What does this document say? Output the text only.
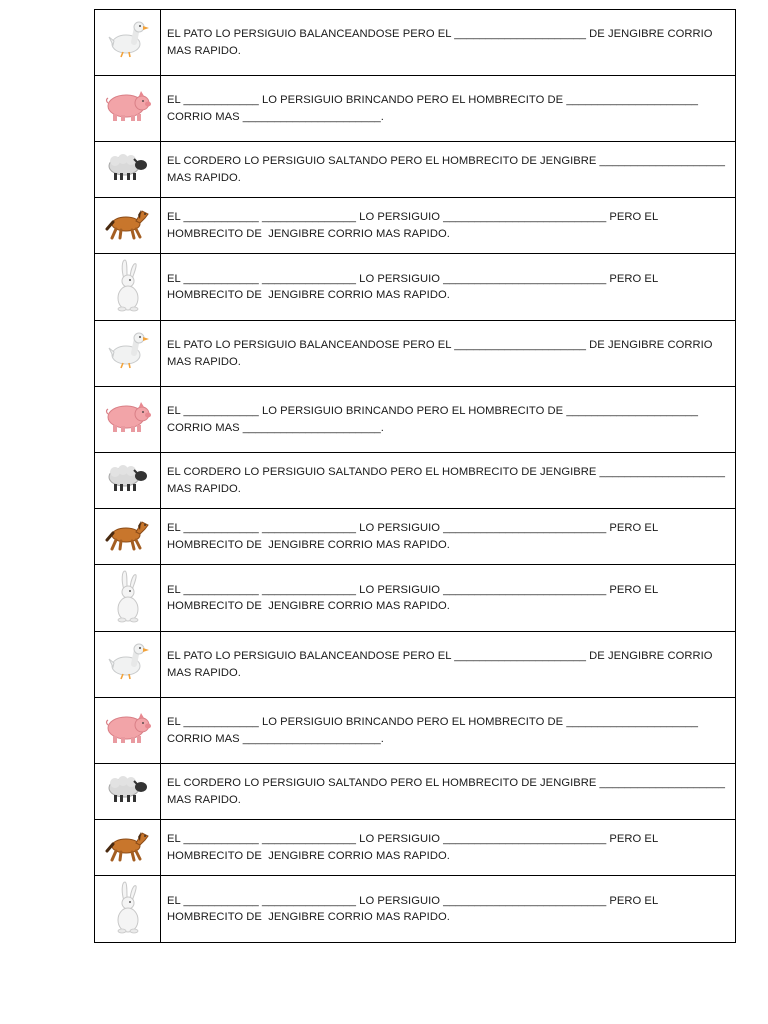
	EL PATO LO PERSIGUIO BALANCEANDOSE PERO EL _____________________ DE JENGIBRE CORRIO MAS RAPIDO.
	EL ____________ LO PERSIGUIO BRINCANDO PERO EL HOMBRECITO DE _____________________ CORRIO MAS ______________________.
	EL CORDERO LO PERSIGUIO SALTANDO PERO EL HOMBRECITO DE JENGIBRE ____________________ MAS RAPIDO.
	EL ____________ _______________ LO PERSIGUIO __________________________ PERO EL HOMBRECITO DE  JENGIBRE CORRIO MAS RAPIDO.
	EL ____________ _______________ LO PERSIGUIO __________________________ PERO EL HOMBRECITO DE  JENGIBRE CORRIO MAS RAPIDO.
	EL PATO LO PERSIGUIO BALANCEANDOSE PERO EL _____________________ DE JENGIBRE CORRIO MAS RAPIDO.
	EL ____________ LO PERSIGUIO BRINCANDO PERO EL HOMBRECITO DE _____________________ CORRIO MAS ______________________.
	EL CORDERO LO PERSIGUIO SALTANDO PERO EL HOMBRECITO DE JENGIBRE ____________________ MAS RAPIDO.
	EL ____________ _______________ LO PERSIGUIO __________________________ PERO EL HOMBRECITO DE  JENGIBRE CORRIO MAS RAPIDO.
	EL ____________ _______________ LO PERSIGUIO __________________________ PERO EL HOMBRECITO DE  JENGIBRE CORRIO MAS RAPIDO.
	EL PATO LO PERSIGUIO BALANCEANDOSE PERO EL _____________________ DE JENGIBRE CORRIO MAS RAPIDO.
	EL ____________ LO PERSIGUIO BRINCANDO PERO EL HOMBRECITO DE _____________________ CORRIO MAS ______________________.
	EL CORDERO LO PERSIGUIO SALTANDO PERO EL HOMBRECITO DE JENGIBRE ____________________ MAS RAPIDO.
	EL ____________ _______________ LO PERSIGUIO __________________________ PERO EL HOMBRECITO DE  JENGIBRE CORRIO MAS RAPIDO.
	EL ____________ _______________ LO PERSIGUIO __________________________ PERO EL HOMBRECITO DE  JENGIBRE CORRIO MAS RAPIDO.
